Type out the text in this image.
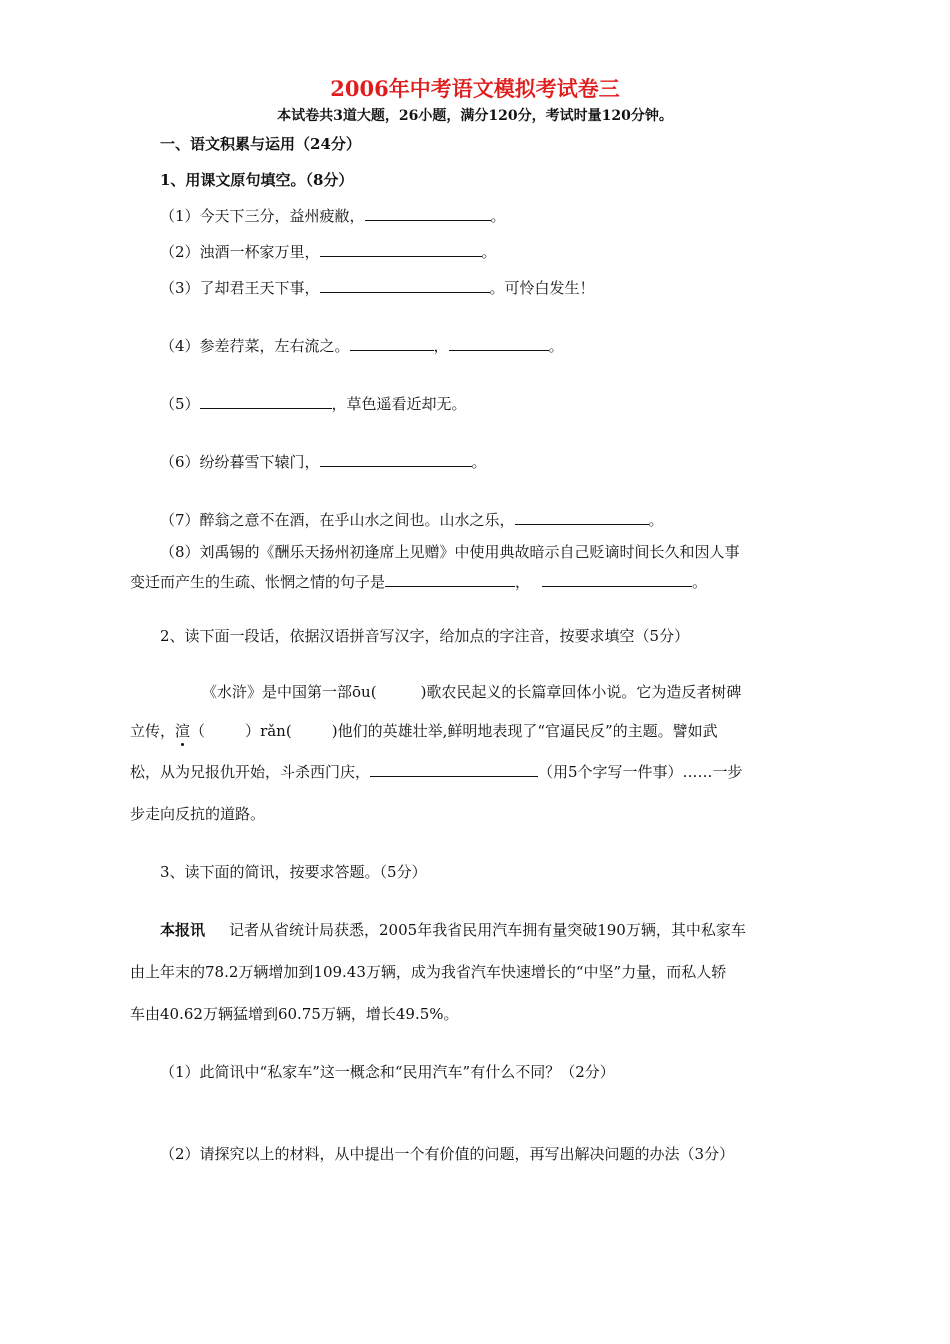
2006年中考语文模拟考试卷三
本试卷共3道大题，26小题，满分120分，考试时量120分钟。
一、语文积累与运用（24分）
1、用课文原句填空。（8分）
（1）今天下三分，益州疲敝，	。
（2）浊酒一杯家万里，	。
（3）了却君王天下事，	。可怜白发生！
（4）参差荇菜，左右流之。	，	。
（5）	，草色遥看近却无。
（6）纷纷暮雪下辕门，	。
（7）醉翁之意不在酒，在乎山水之间也。山水之乐，	。
（8）刘禹锡的《酬乐天扬州初逢席上见赠》中使用典故暗示自己贬谪时间长久和因人事
变迁而产生的生疏、怅惘之情的句子是	，	。
2、读下面一段话，依据汉语拼音写汉字，给加点的字注音，按要求填空（5分）
《水浒》是中国第一部ōu(	)歌农民起义的长篇章回体小说。它为造反者树碑
立传，渲（	）rǎn(	)他们的英雄壮举,鲜明地表现了“官逼民反”的主题。譬如武
松，从为兄报仇开始，斗杀西门庆，	（用5个字写一件事）……一步
步走向反抗的道路。
3、读下面的简讯，按要求答题。（5分）
本报讯 记者从省统计局获悉，2005年我省民用汽车拥有量突破190万辆，其中私家车
由上年末的78.2万辆增加到109.43万辆，成为我省汽车快速增长的“中坚”力量，而私人轿
车由40.62万辆猛增到60.75万辆，增长49.5%。
（1）此简讯中“私家车”这一概念和“民用汽车”有什么不同？（2分）
（2）请探究以上的材料，从中提出一个有价值的问题，再写出解决问题的办法（3分）
